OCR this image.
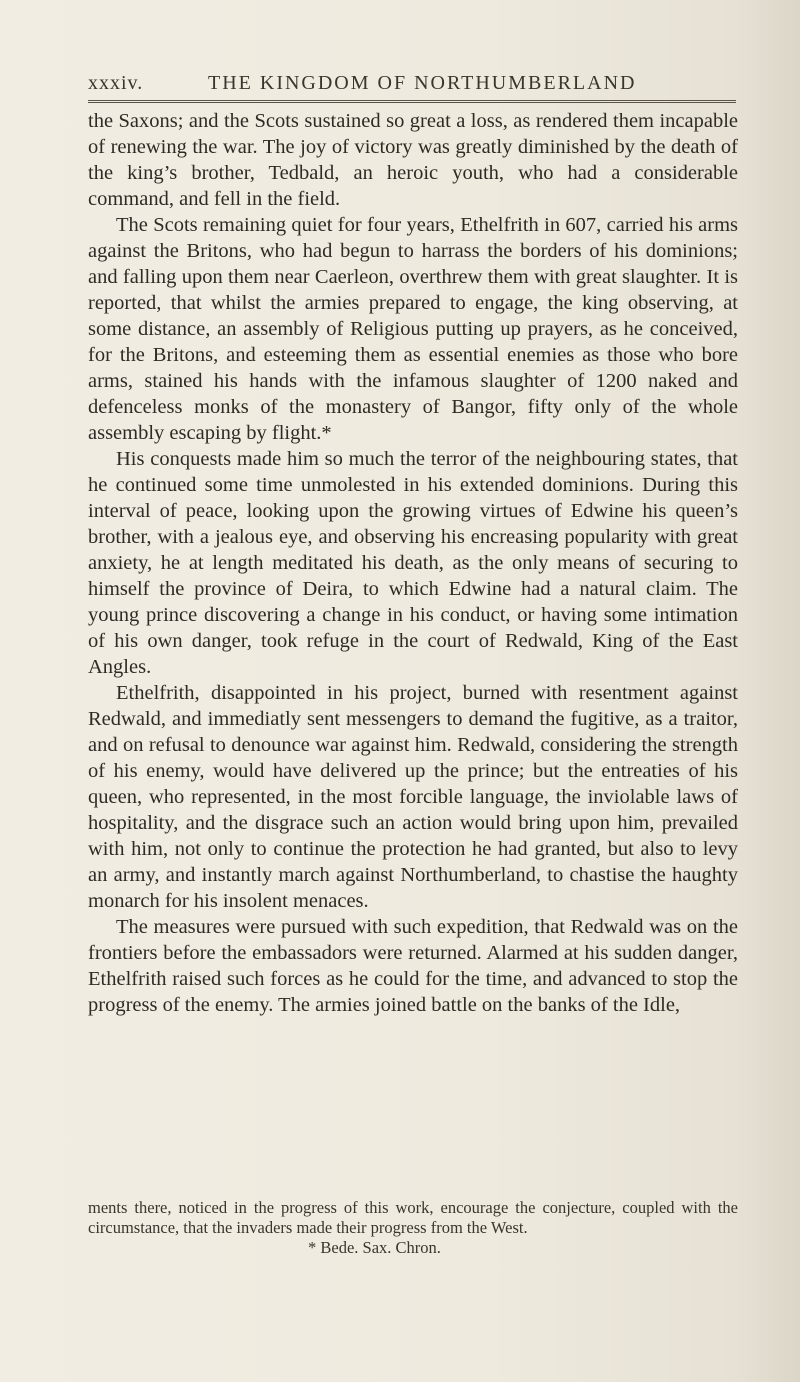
xxxiv.	THE KINGDOM OF NORTHUMBERLAND

the Saxons; and the Scots sustained so great a loss, as rendered them incapable of renewing the war. The joy of victory was greatly diminished by the death of the king’s brother, Tedbald, an heroic youth, who had a considerable command, and fell in the field.

The Scots remaining quiet for four years, Ethelfrith in 607, carried his arms against the Britons, who had begun to harrass the borders of his dominions; and falling upon them near Caerleon, overthrew them with great slaughter. It is reported, that whilst the armies prepared to engage, the king observing, at some distance, an assembly of Religious putting up prayers, as he conceived, for the Britons, and esteeming them as essential enemies as those who bore arms, stained his hands with the infamous slaughter of 1200 naked and defenceless monks of the monastery of Bangor, fifty only of the whole assembly escaping by flight.*

His conquests made him so much the terror of the neighbouring states, that he continued some time unmolested in his extended dominions. During this interval of peace, looking upon the growing virtues of Edwine his queen’s brother, with a jealous eye, and observing his encreasing popularity with great anxiety, he at length meditated his death, as the only means of securing to himself the province of Deira, to which Edwine had a natural claim. The young prince discovering a change in his conduct, or having some intimation of his own danger, took refuge in the court of Redwald, King of the East Angles.

Ethelfrith, disappointed in his project, burned with resentment against Redwald, and immediatly sent messengers to demand the fugitive, as a traitor, and on refusal to denounce war against him. Redwald, considering the strength of his enemy, would have delivered up the prince; but the entreaties of his queen, who represented, in the most forcible language, the inviolable laws of hospitality, and the disgrace such an action would bring upon him, prevailed with him, not only to continue the protection he had granted, but also to levy an army, and instantly march against Northumberland, to chastise the haughty monarch for his insolent menaces.

The measures were pursued with such expedition, that Redwald was on the frontiers before the embassadors were returned. Alarmed at his sudden danger, Ethelfrith raised such forces as he could for the time, and advanced to stop the progress of the enemy. The armies joined battle on the banks of the Idle,

ments there, noticed in the progress of this work, encourage the conjecture, coupled with the circumstance, that the invaders made their progress from the West.

* Bede. Sax. Chron.
